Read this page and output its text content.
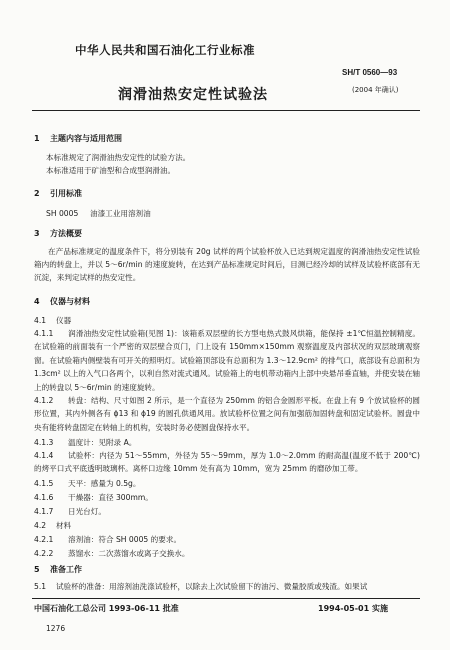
中华人民共和国石油化工行业标准
SH/T 0560—93
润滑油热安定性试验法	(2004 年确认)
1 主题内容与适用范围
本标准规定了润滑油热安定性的试验方法。
本标准适用于矿油型和合成型润滑油。
2 引用标准
SH 0005 油漆工业用溶剂油
3 方法概要
在产品标准规定的温度条件下，将分别装有 20g 试样的两个试验杯放入已达到规定温度的润滑油热安定性试验箱内的转盘上，并以 5～6r/min 的速度旋转，在达到产品标准规定时间后，目测已经冷却的试样及试验杯底部有无沉淀，来判定试样的热安定性。
4 仪器与材料
4.1 仪器
4.1.1 润滑油热安定性试验箱(见图 1)：该箱系双层壁的长方型电热式鼓风烘箱，能保持 ±1℃恒温控制精度。在试验箱的前面装有一个严密的双层壁合页门，门上设有 150mm×150mm 观察温度及内部状况的双层玻璃观察窗。在试验箱内侧壁装有可开关的照明灯。试验箱顶部设有总面积为 1.3～12.9cm² 的排气口，底部设有总面积为 1.3cm² 以上的入气口各两个，以利自然对流式通风。试验箱上的电机带动箱内上部中央悬吊垂直轴，并使安装在轴上的转盘以 5～6r/min 的速度旋转。
4.1.2 转盘：结构、尺寸如图 2 所示，是一个直径为 250mm 的铝合金圆形平板。在盘上有 9 个放试验杯的圆形位置，其内外侧各有 ϕ13 和 ϕ19 的圆孔供通风用。放试验杯位置之间有加强筋加固转盘和固定试验杯。圆盘中央有能将转盘固定在转轴上的机构，安装时务必使圆盘保持水平。
4.1.3 温度计：见附录 A。
4.1.4 试验杯：内径为 51～55mm，外径为 55～59mm，厚为 1.0～2.0mm 的耐高温(温度不低于 200℃)的烤平口式平底透明玻璃杯。离杯口边缘 10mm 处有高为 10mm，宽为 25mm 的磨砂加工带。
4.1.5 天平：感量为 0.5g。
4.1.6 干燥器：直径 300mm。
4.1.7 日光台灯。
4.2 材料
4.2.1 溶剂油：符合 SH 0005 的要求。
4.2.2 蒸馏水：二次蒸馏水或离子交换水。
5 准备工作
5.1 试验杯的准备：用溶剂油洗涤试验杯，以除去上次试验留下的油污、微量胶质或残渣。如果试
中国石油化工总公司 1993-06-11 批准	1994-05-01 实施
1276
